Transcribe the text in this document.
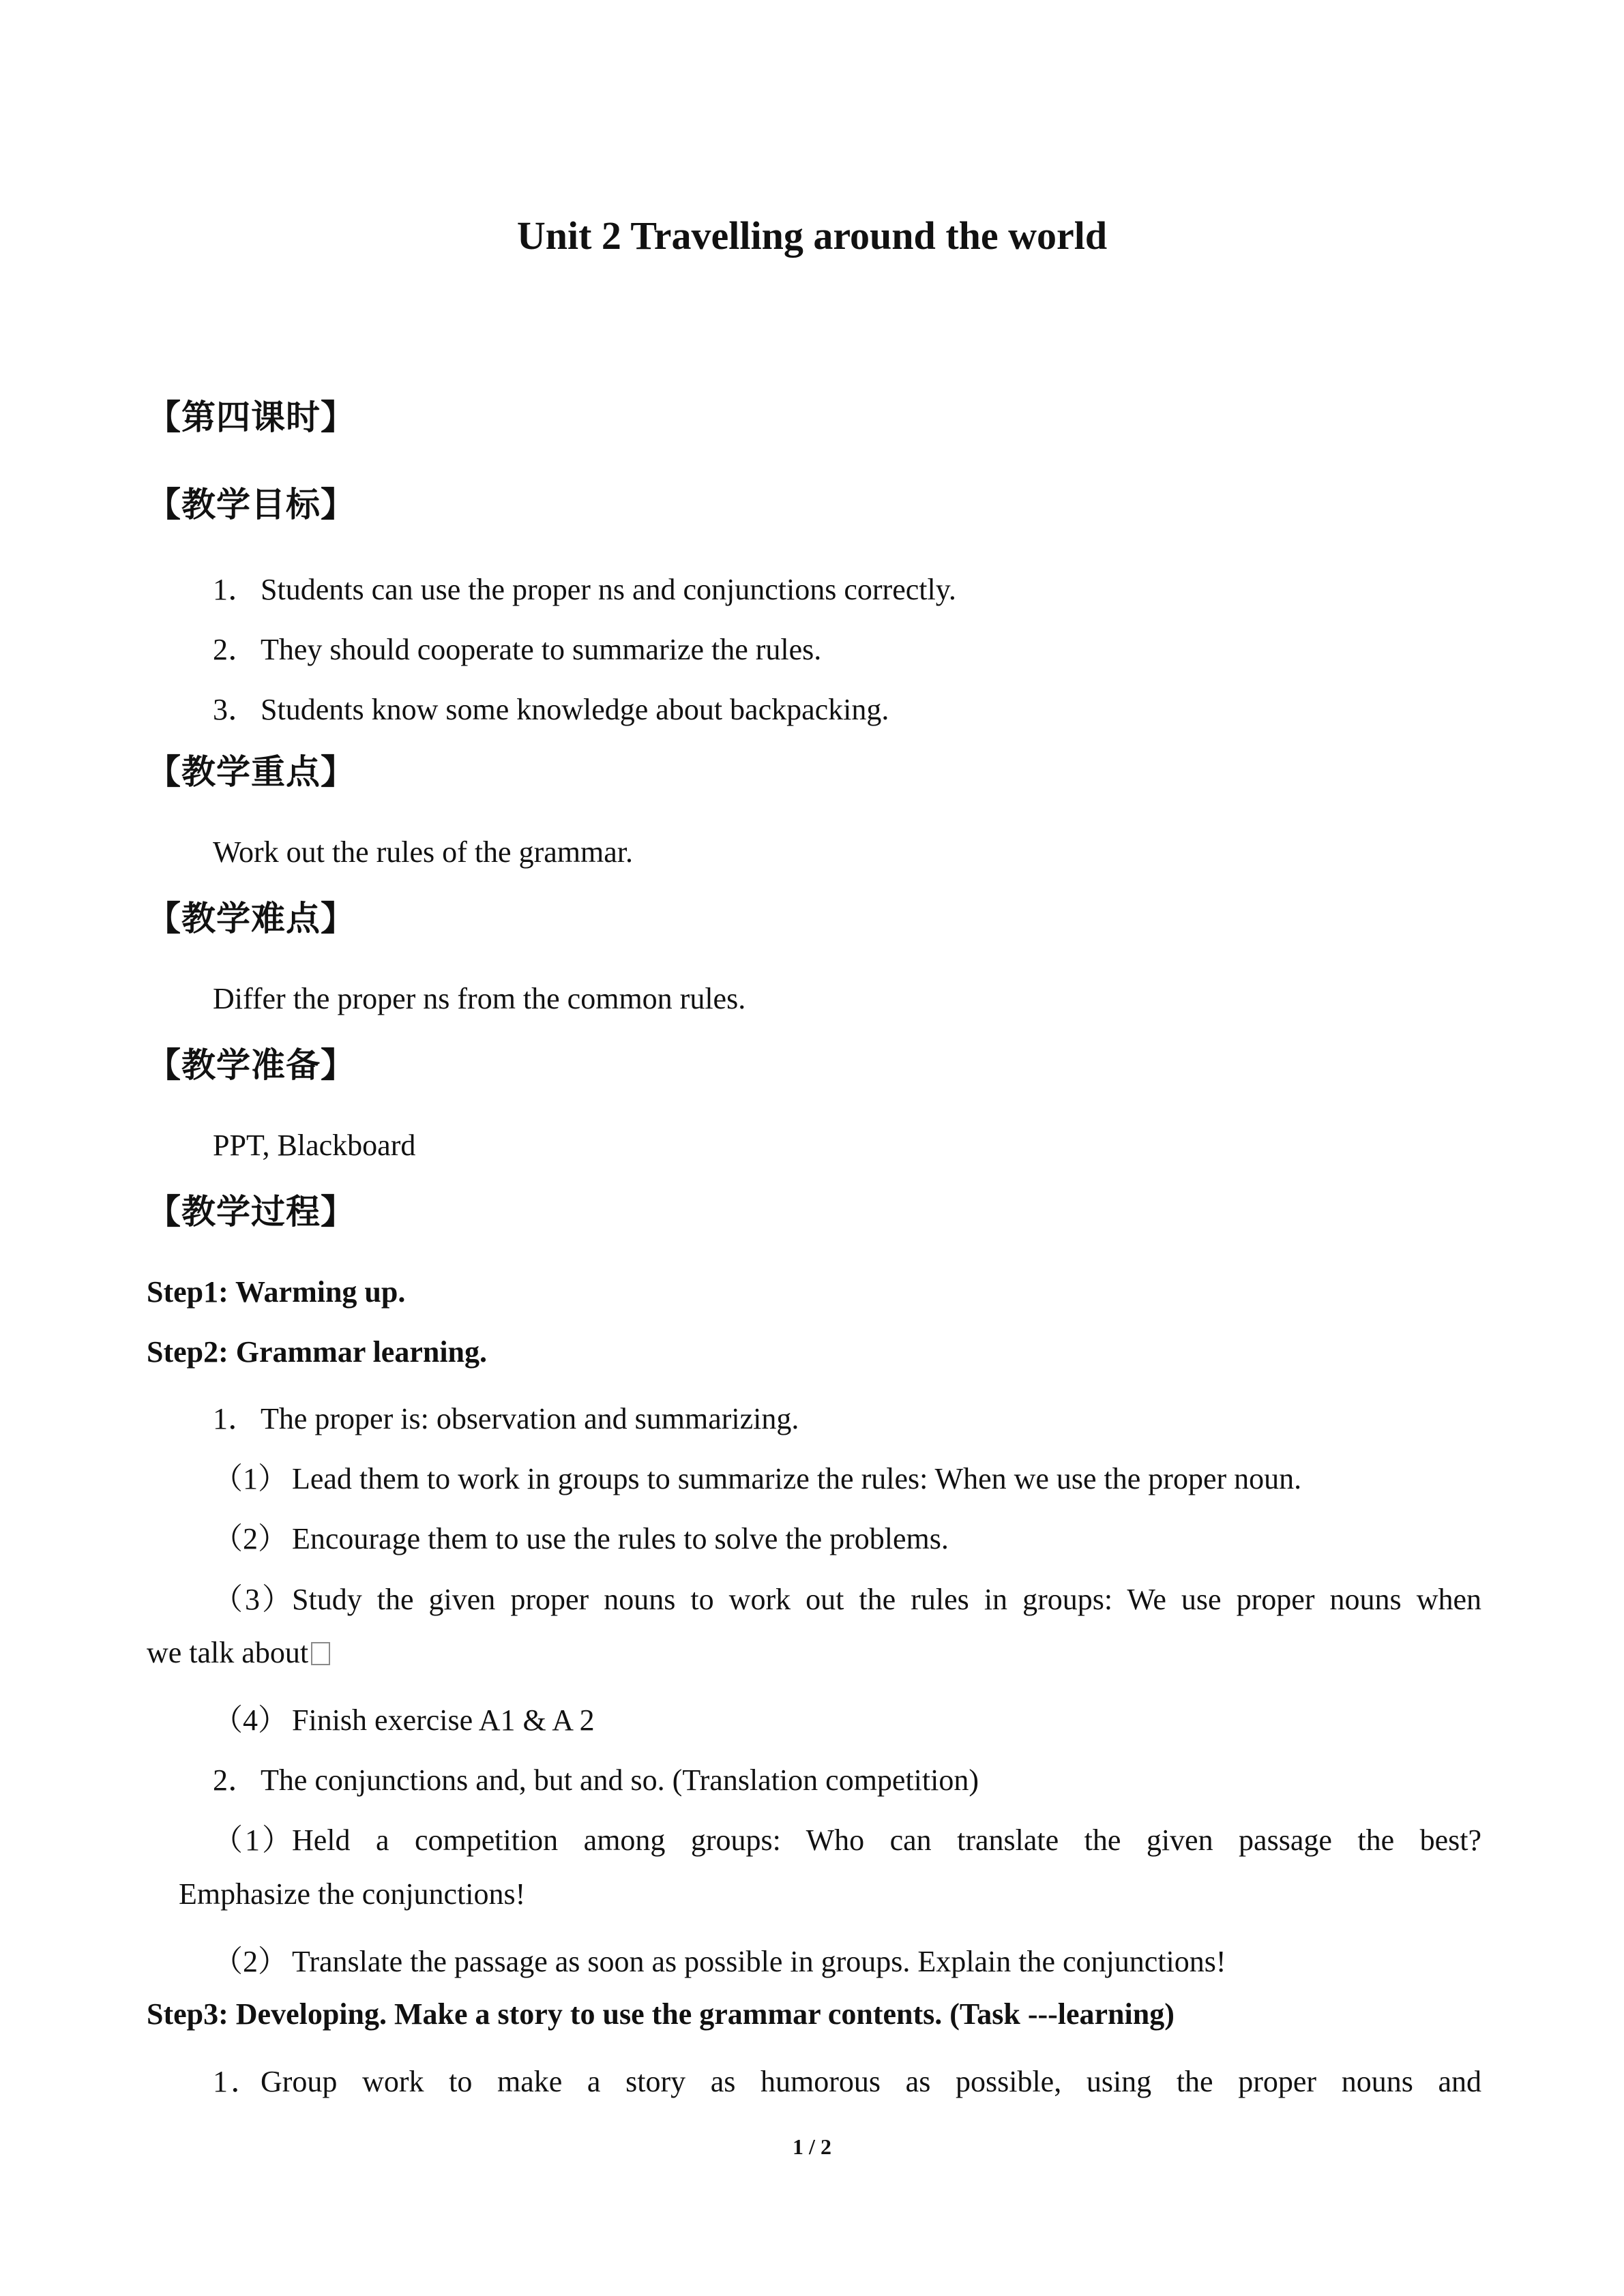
Unit 2 Travelling around the world
【第四课时】
【教学目标】
1．Students can use the proper ns and conjunctions correctly.
2．They should cooperate to summarize the rules.
3．Students know some knowledge about backpacking.
【教学重点】
Work out the rules of the grammar.
【教学难点】
Differ the proper ns from the common rules.
【教学准备】
PPT, Blackboard
【教学过程】
Step1: Warming up.
Step2: Grammar learning.
1．The proper is: observation and summarizing.
（1） Lead them to work in groups to summarize the rules: When we use the proper noun.
（2） Encourage them to use the rules to solve the problems.
（3）Study the given proper nouns to work out the rules in groups: We use proper nouns when
we talk about
（4） Finish exercise A1 & A 2
2．The conjunctions and, but and so. (Translation competition)
（1）Held a competition among groups: Who can translate the given passage the best?
Emphasize the conjunctions!
（2） Translate the passage as soon as possible in groups. Explain the conjunctions!
Step3: Developing. Make a story to use the grammar contents. (Task ---learning)
1．Group work to make a story as humorous as possible, using the proper nouns and
1 / 2
